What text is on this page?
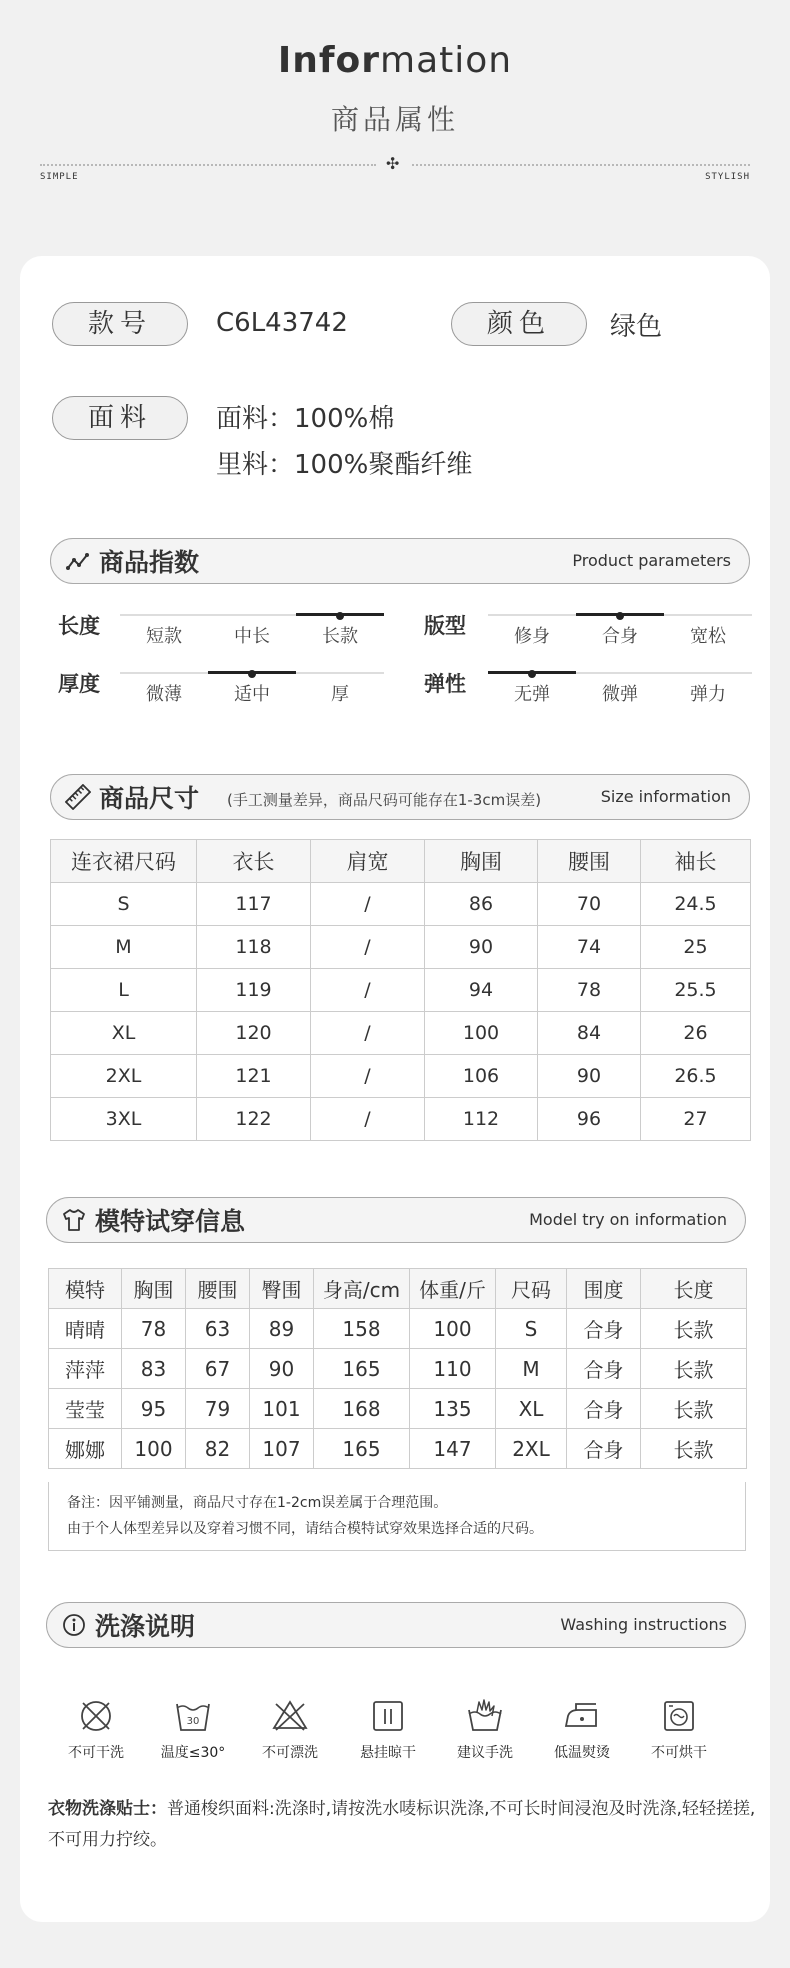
Information
商品属性
✣
SIMPLE	STYLISH
款号	C6L43742	颜色	绿色
面料	面料：100%棉
里料：100%聚酯纤维
商品指数	Product parameters
长度	短款	中长	长款	版型	修身	合身	宽松
厚度	微薄	适中	厚	弹性	无弹	微弹	弹力
商品尺寸 (手工测量差异，商品尺码可能存在1-3cm误差)	Size information
连衣裙尺码	衣长	肩宽	胸围	腰围	袖长
S	117	/	86	70	24.5
M	118	/	90	74	25
L	119	/	94	78	25.5
XL	120	/	100	84	26
2XL	121	/	106	90	26.5
3XL	122	/	112	96	27
模特试穿信息	Model try on information
模特	胸围	腰围	臀围	身高/cm	体重/斤	尺码	围度	长度
晴晴	78	63	89	158	100	S	合身	长款
萍萍	83	67	90	165	110	M	合身	长款
莹莹	95	79	101	168	135	XL	合身	长款
娜娜	100	82	107	165	147	2XL	合身	长款
备注：因平铺测量，商品尺寸存在1-2cm误差属于合理范围。
由于个人体型差异以及穿着习惯不同，请结合模特试穿效果选择合适的尺码。
洗涤说明	Washing instructions
不可干洗
30
温度≤30°	不可漂洗	悬挂晾干	建议手洗	低温熨烫	不可烘干
衣物洗涤贴士：普通梭织面料:洗涤时,请按洗水唛标识洗涤,不可长时间浸泡及时洗涤,轻轻搓搓,不可用力拧绞。
